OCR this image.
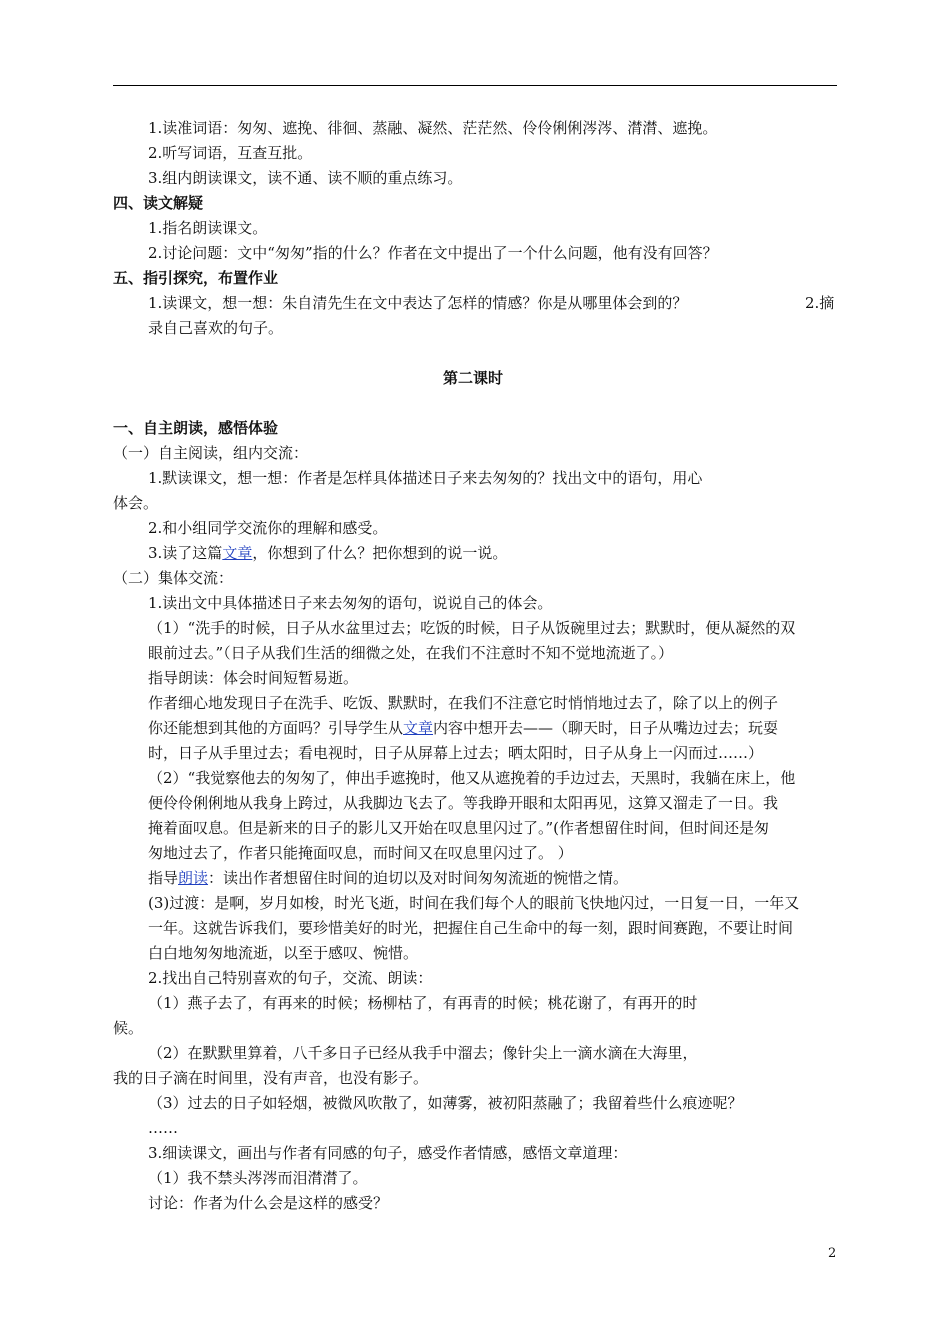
1.读准词语：匆匆、遮挽、徘徊、蒸融、凝然、茫茫然、伶伶俐俐涔涔、潸潸、遮挽。
2.听写词语，互查互批。
3.组内朗读课文，读不通、读不顺的重点练习。
四、读文解疑
1.指名朗读课文。
2.讨论问题：文中“匆匆”指的什么？作者在文中提出了一个什么问题，他有没有回答？
五、指引探究，布置作业
1.读课文，想一想：朱自清先生在文中表达了怎样的情感？你是从哪里体会到的？	2.摘
录自己喜欢的句子。
第二课时
一、自主朗读，感悟体验
（一）自主阅读，组内交流：
1.默读课文，想一想：作者是怎样具体描述日子来去匆匆的？找出文中的语句，用心
体会。
2.和小组同学交流你的理解和感受。
3.读了这篇文章，你想到了什么？把你想到的说一说。
（二）集体交流：
1.读出文中具体描述日子来去匆匆的语句，说说自己的体会。
（1）“洗手的时候，日子从水盆里过去；吃饭的时候，日子从饭碗里过去；默默时，便从凝然的双
眼前过去。”（日子从我们生活的细微之处，在我们不注意时不知不觉地流逝了。）
指导朗读：体会时间短暂易逝。
作者细心地发现日子在洗手、吃饭、默默时，在我们不注意它时悄悄地过去了，除了以上的例子
你还能想到其他的方面吗？引导学生从文章内容中想开去——（聊天时，日子从嘴边过去；玩耍
时，日子从手里过去；看电视时，日子从屏幕上过去；晒太阳时，日子从身上一闪而过……）
（2）“我觉察他去的匆匆了，伸出手遮挽时，他又从遮挽着的手边过去，天黑时，我躺在床上，他
便伶伶俐俐地从我身上跨过，从我脚边飞去了。等我睁开眼和太阳再见，这算又溜走了一日。我
掩着面叹息。但是新来的日子的影儿又开始在叹息里闪过了。”(作者想留住时间，但时间还是匆
匆地过去了，作者只能掩面叹息，而时间又在叹息里闪过了。 ）
指导朗读：读出作者想留住时间的迫切以及对时间匆匆流逝的惋惜之情。
(3)过渡：是啊，岁月如梭，时光飞逝，时间在我们每个人的眼前飞快地闪过，一日复一日，一年又
一年。这就告诉我们，要珍惜美好的时光，把握住自己生命中的每一刻，跟时间赛跑，不要让时间
白白地匆匆地流逝，以至于感叹、惋惜。
2.找出自己特别喜欢的句子，交流、朗读：
（1）燕子去了，有再来的时候；杨柳枯了，有再青的时候；桃花谢了，有再开的时
候。
（2）在默默里算着，八千多日子已经从我手中溜去；像针尖上一滴水滴在大海里，
我的日子滴在时间里，没有声音，也没有影子。
（3）过去的日子如轻烟，被微风吹散了，如薄雾，被初阳蒸融了；我留着些什么痕迹呢？
……
3.细读课文，画出与作者有同感的句子，感受作者情感，感悟文章道理：
（1）我不禁头涔涔而泪潸潸了。
讨论：作者为什么会是这样的感受？
2
